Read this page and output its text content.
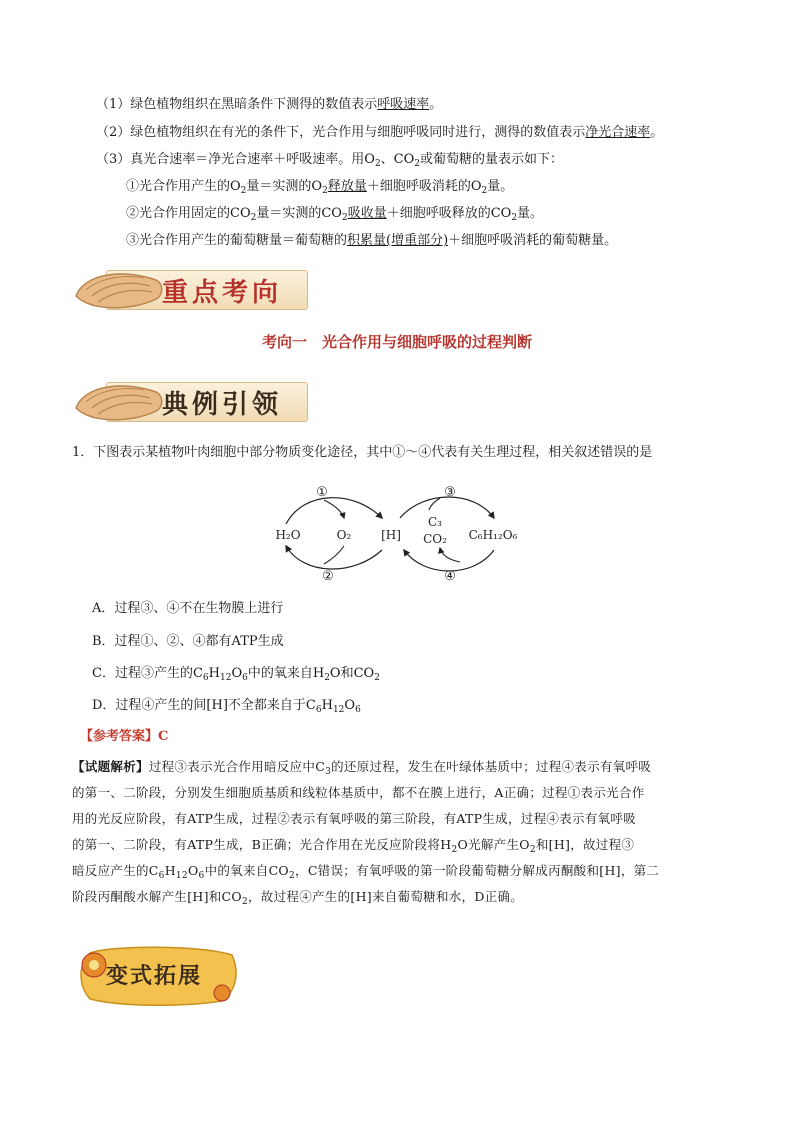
（1）绿色植物组织在黑暗条件下测得的数值表示呼吸速率。
（2）绿色植物组织在有光的条件下，光合作用与细胞呼吸同时进行，测得的数值表示净光合速率。
（3）真光合速率＝净光合速率＋呼吸速率。用$O_2$、$CO_2$或葡萄糖的量表示如下：
①光合作用产生的$O_2$量＝实测的$O_2$释放量＋细胞呼吸消耗的$O_2$量。
②光合作用固定的$CO_2$量＝实测的$CO_2$吸收量＋细胞呼吸释放的$CO_2$量。
③光合作用产生的葡萄糖量＝葡萄糖的积累量(增重部分)＋细胞呼吸消耗的葡萄糖量。
重点考向
考向一　光合作用与细胞呼吸的过程判断
典例引领
1．下图表示某植物叶肉细胞中部分物质变化途径，其中①～④代表有关生理过程，相关叙述错误的是
①
②
③
④
H₂O	O₂ [H]
C₃
CO₂ C₆H₁₂O₆
A．过程③、④不在生物膜上进行
B．过程①、②、④都有ATP生成
C．过程③产生的$C_6H_{12}O_6$中的氧来自$H_2O$和$CO_2$
D．过程④产生的间[H]不全都来自于$C_6H_{12}O_6$
【参考答案】C

【试题解析】过程③表示光合作用暗反应中$C_3$的还原过程，发生在叶绿体基质中；过程④表示有氧呼吸

的第一、二阶段，分别发生细胞质基质和线粒体基质中，都不在膜上进行，A正确；过程①表示光合作

用的光反应阶段，有ATP生成，过程②表示有氧呼吸的第三阶段，有ATP生成，过程④表示有氧呼吸

的第一、二阶段，有ATP生成，B正确；光合作用在光反应阶段将$H_2O$光解产生$O_2$和[H]，故过程③

暗反应产生的$C_6H_{12}O_6$中的氧来自$CO_2$，C错误；有氧呼吸的第一阶段葡萄糖分解成丙酮酸和[H]，第二

阶段丙酮酸水解产生[H]和$CO_2$，故过程④产生的[H]来自葡萄糖和水，D正确。

变式拓展
